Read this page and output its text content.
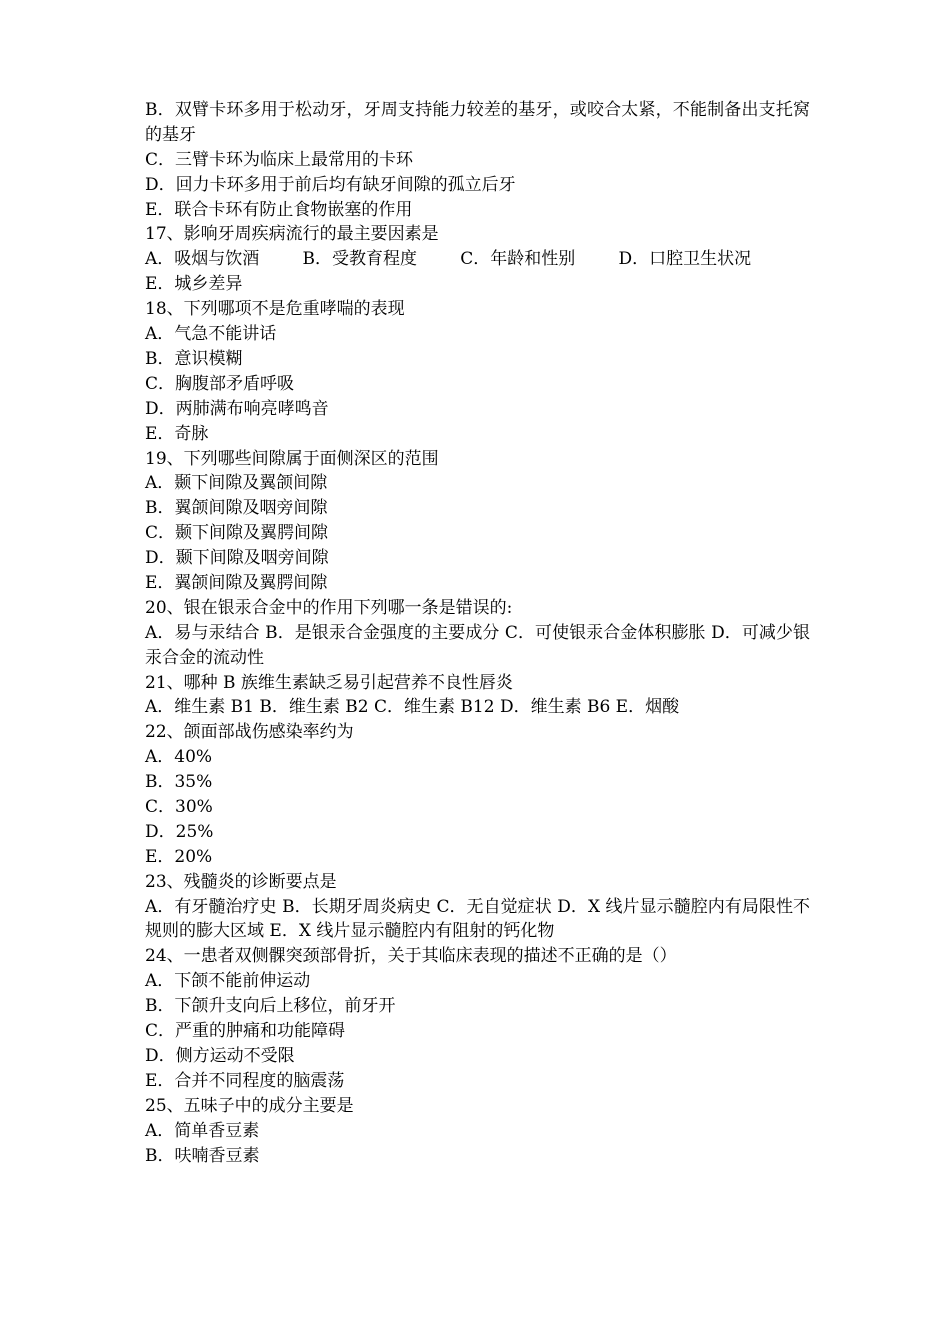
B．双臂卡环多用于松动牙，牙周支持能力较差的基牙，或咬合太紧，不能制备出支托窝的基牙
C．三臂卡环为临床上最常用的卡环
D．回力卡环多用于前后均有缺牙间隙的孤立后牙
E．联合卡环有防止食物嵌塞的作用
17、影响牙周疾病流行的最主要因素是
A．吸烟与饮酒        B．受教育程度        C．年龄和性别        D．口腔卫生状况
E．城乡差异
18、下列哪项不是危重哮喘的表现
A．气急不能讲话
B．意识模糊
C．胸腹部矛盾呼吸
D．两肺满布响亮哮鸣音
E．奇脉
19、下列哪些间隙属于面侧深区的范围
A．颞下间隙及翼颌间隙
B．翼颌间隙及咽旁间隙
C．颞下间隙及翼腭间隙
D．颞下间隙及咽旁间隙
E．翼颌间隙及翼腭间隙
20、银在银汞合金中的作用下列哪一条是错误的:
A．易与汞结合 B．是银汞合金强度的主要成分 C．可使银汞合金体积膨胀 D．可减少银汞合金的流动性
21、哪种 B 族维生素缺乏易引起营养不良性唇炎
A．维生素 B1 B．维生素 B2 C．维生素 B12 D．维生素 B6 E．烟酸
22、颌面部战伤感染率约为
A．40%
B．35%
C．30%
D．25%
E．20%
23、残髓炎的诊断要点是
A．有牙髓治疗史 B．长期牙周炎病史 C．无自觉症状 D．X 线片显示髓腔内有局限性不规则的膨大区域 E．X 线片显示髓腔内有阻射的钙化物
24、一患者双侧髁突颈部骨折，关于其临床表现的描述不正确的是（）
A．下颌不能前伸运动
B．下颌升支向后上移位，前牙开
C．严重的肿痛和功能障碍
D．侧方运动不受限
E．合并不同程度的脑震荡
25、五味子中的成分主要是
A．简单香豆素
B．呋喃香豆素
